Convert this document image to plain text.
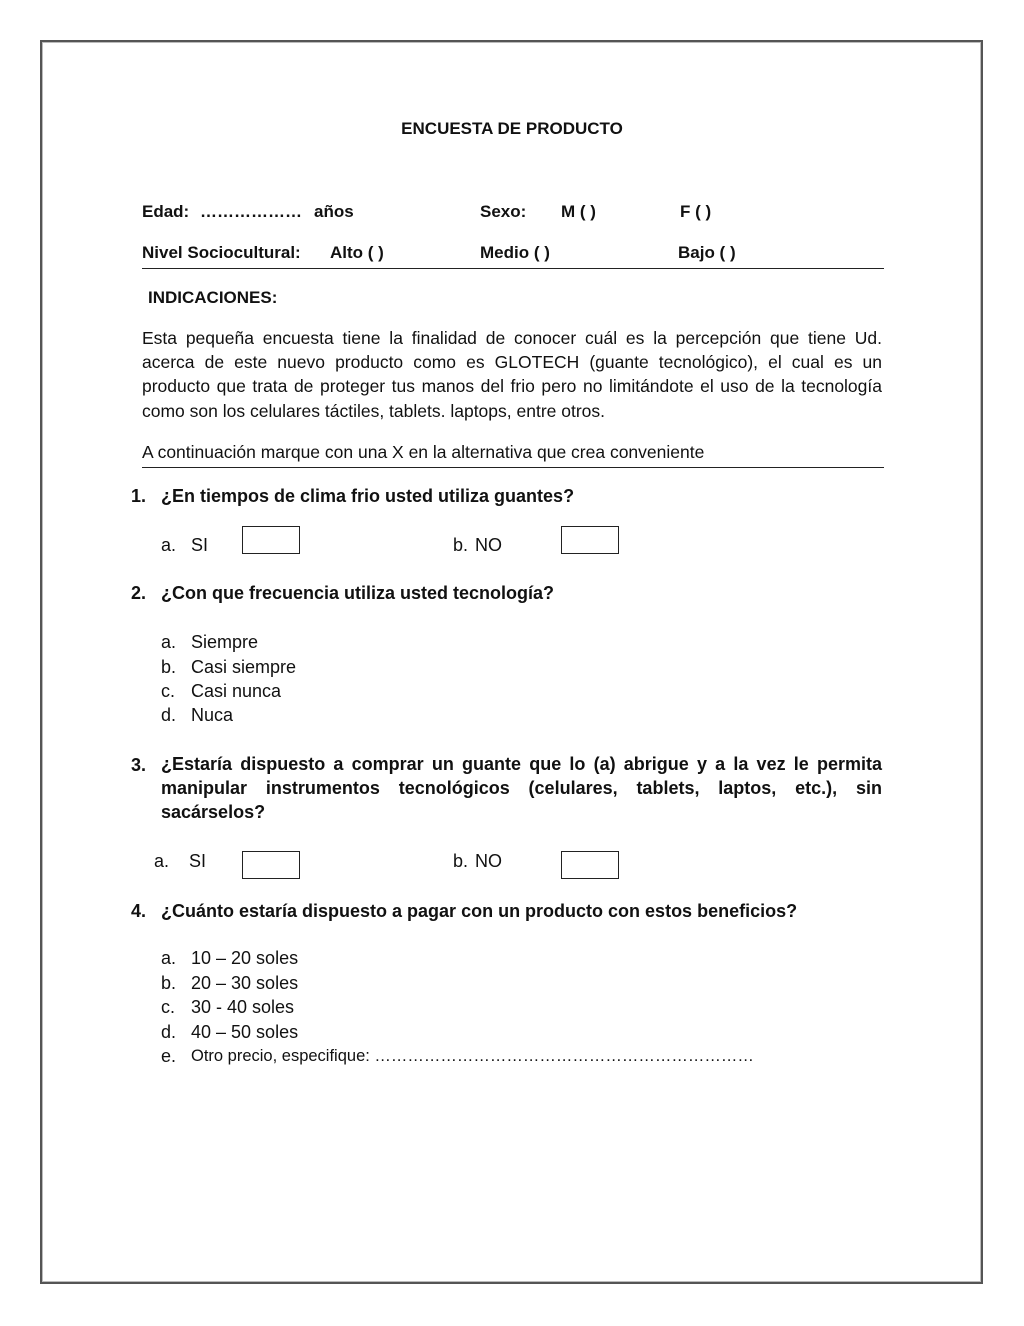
ENCUESTA DE PRODUCTO
Edad: ……………… años	Sexo: M ( )	F ( )
Nivel Sociocultural: Alto ( )	Medio ( )	Bajo ( )
INDICACIONES:
Esta pequeña encuesta tiene la finalidad de conocer cuál es la percepción que tiene Ud. acerca de este nuevo producto como es GLOTECH (guante tecnológico), el cual es un producto que trata de proteger tus manos del frio pero no limitándote el uso de la tecnología como son los celulares táctiles, tablets. laptops, entre otros.
A continuación marque con una X en la alternativa que crea conveniente
1. ¿En tiempos de clima frio usted utiliza guantes?
a. SI	b. NO
2. ¿Con que frecuencia utiliza usted tecnología?
a. Siempre
b. Casi siempre
c. Casi nunca
d. Nuca
3. ¿Estaría dispuesto a comprar un guante que lo (a) abrigue y a la vez le permita manipular instrumentos tecnológicos (celulares, tablets, laptos, etc.), sin sacárselos?
a. SI	b. NO
4. ¿Cuánto estaría dispuesto a pagar con un producto con estos beneficios?
a. 10 – 20 soles
b. 20 – 30 soles
c. 30 - 40 soles
d. 40 – 50 soles
e. Otro precio, especifique: ……………………………………………………………
